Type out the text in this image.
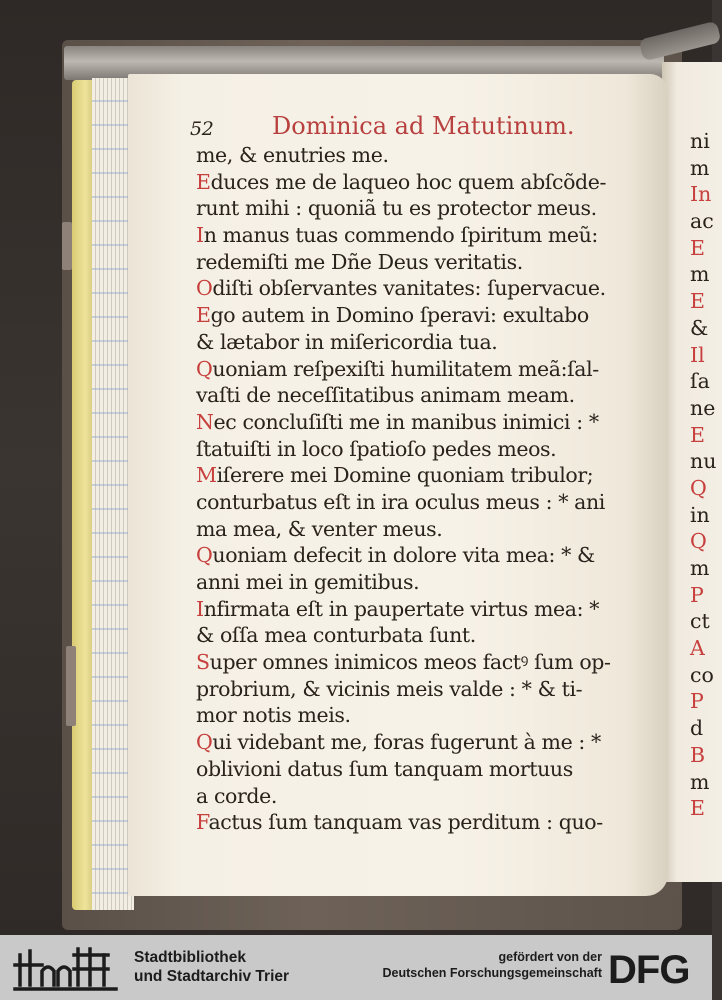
52 Dominica ad Matutinum.
me, & enutries me.
Educes me de laqueo hoc quem abſcõde-
runt mihi : quoniã tu es protector meus.
In manus tuas commendo ſpiritum meũ:
redemiſti me Dñe Deus veritatis.
Odiſti obſervantes vanitates: ſupervacue.
Ego autem in Domino ſperavi: exultabo
& lætabor in miſericordia tua.
Quoniam reſpexiſti humilitatem meã:ſal-
vaſti de neceſſitatibus animam meam.
Nec concluſiſti me in manibus inimici : *
ſtatuiſti in loco ſpatioſo pedes meos.
Miſerere mei Domine quoniam tribulor;
conturbatus eſt in ira oculus meus : * ani
ma mea, & venter meus.
Quoniam defecit in dolore vita mea: * &
anni mei in gemitibus.
Infirmata eſt in paupertate virtus mea: *
& oſſa mea conturbata ſunt.
Super omnes inimicos meos factꝰ ſum op-
probrium, & vicinis meis valde : * & ti-
mor notis meis.
Qui videbant me, foras fugerunt à me : *
oblivioni datus ſum tanquam mortuus
a corde.
Factus ſum tanquam vas perditum : quo-
ni
m
In
ac
E
m
E
&
Il
ſa
ne
E
nu
Q
in
Q
m
P
ct
A
co
P
d
B
m
E
Stadtbibliothek
und Stadtarchiv Trier
gefördert von der
Deutschen Forschungsgemeinschaft DFG
